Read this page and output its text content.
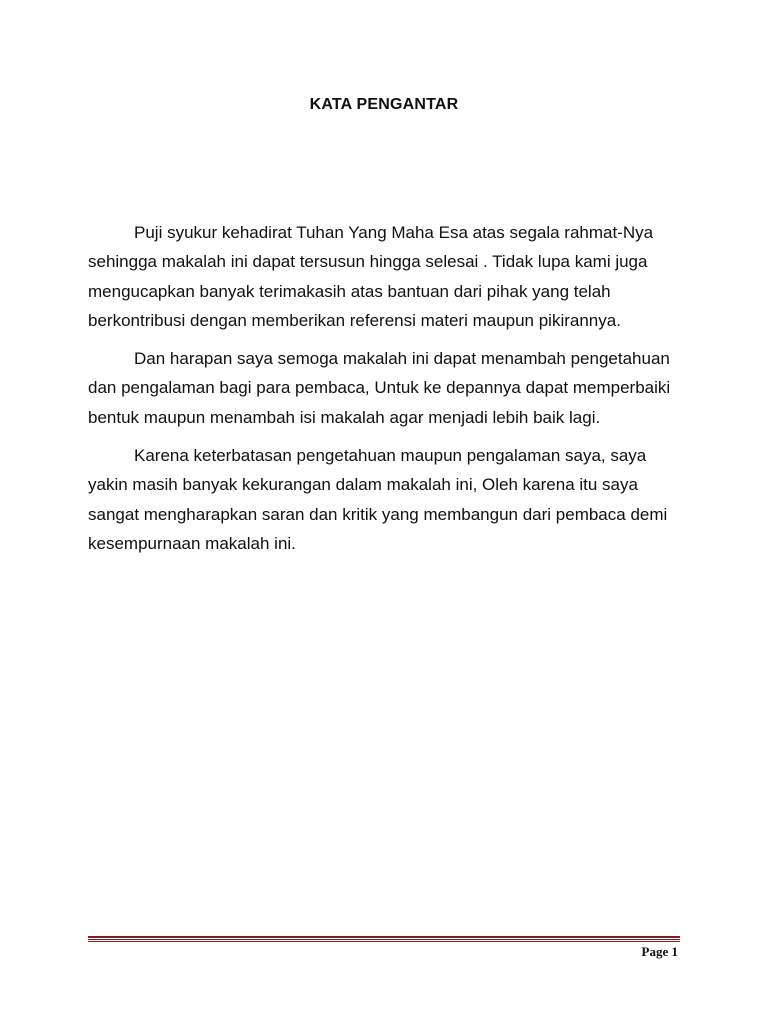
KATA PENGANTAR

Puji syukur kehadirat Tuhan Yang Maha Esa atas segala rahmat-Nya sehingga makalah ini dapat tersusun hingga selesai . Tidak lupa kami juga mengucapkan banyak terimakasih atas bantuan dari pihak yang telah berkontribusi dengan memberikan referensi materi maupun pikirannya.

Dan harapan saya semoga makalah ini dapat menambah pengetahuan dan pengalaman bagi para pembaca, Untuk ke depannya dapat memperbaiki bentuk maupun menambah isi makalah agar menjadi lebih baik lagi.

Karena keterbatasan pengetahuan maupun pengalaman saya, saya yakin masih banyak kekurangan dalam makalah ini, Oleh karena itu saya sangat mengharapkan saran dan kritik yang membangun dari pembaca demi kesempurnaan makalah ini.

Page 1
